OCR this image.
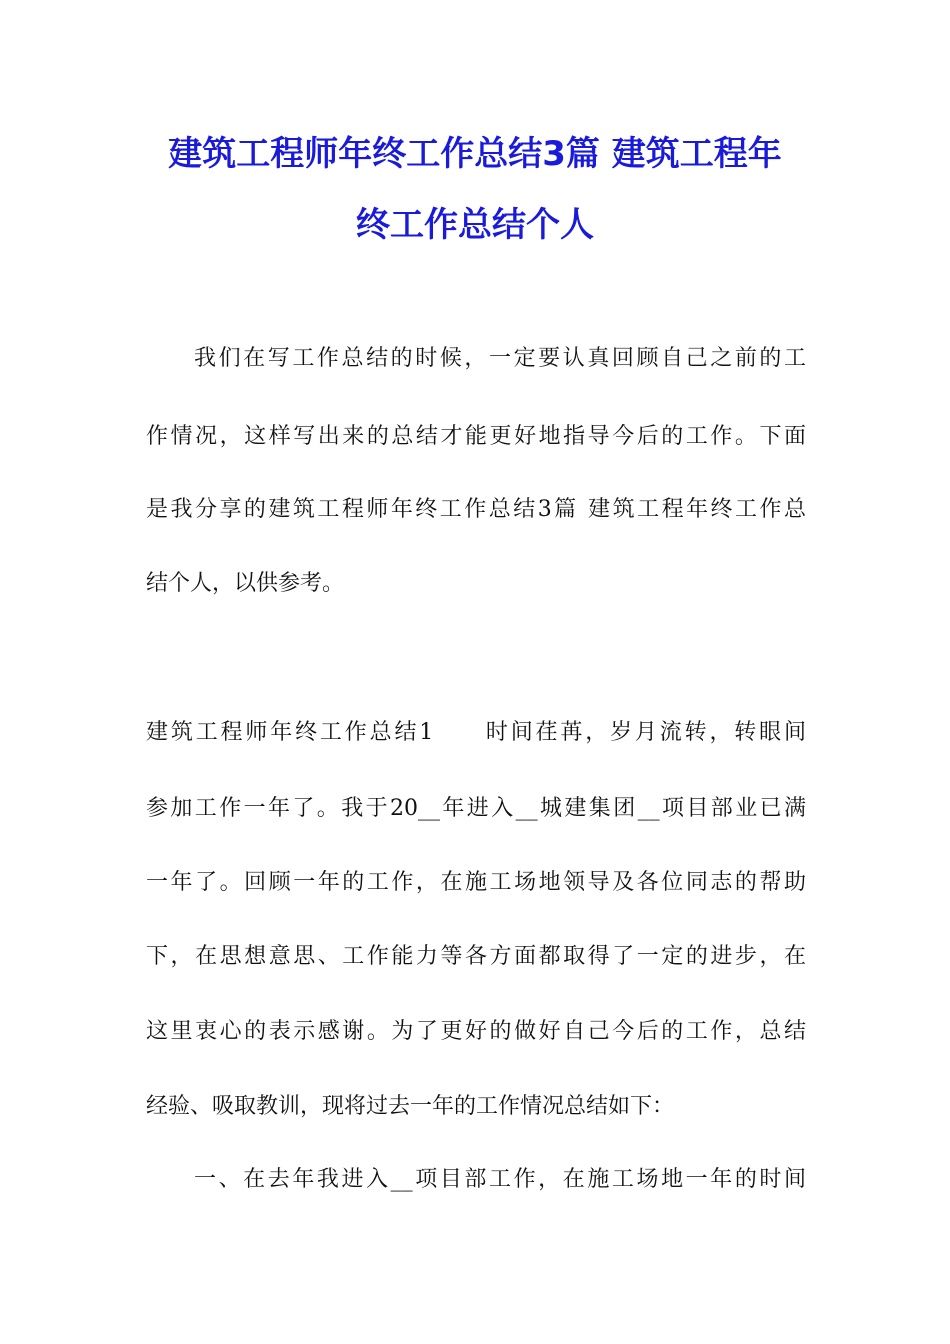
建筑工程师年终工作总结3篇 建筑工程年
终工作总结个人
我们在写工作总结的时候，一定要认真回顾自己之前的工
作情况，这样写出来的总结才能更好地指导今后的工作。下面
是我分享的建筑工程师年终工作总结3篇 建筑工程年终工作总
结个人，以供参考。
建筑工程师年终工作总结1　　时间荏苒，岁月流转，转眼间
参加工作一年了。我于20__年进入__城建集团__项目部业已满
一年了。回顾一年的工作，在施工场地领导及各位同志的帮助
下，在思想意思、工作能力等各方面都取得了一定的进步，在
这里衷心的表示感谢。为了更好的做好自己今后的工作，总结
经验、吸取教训，现将过去一年的工作情况总结如下：
一、在去年我进入__项目部工作，在施工场地一年的时间
